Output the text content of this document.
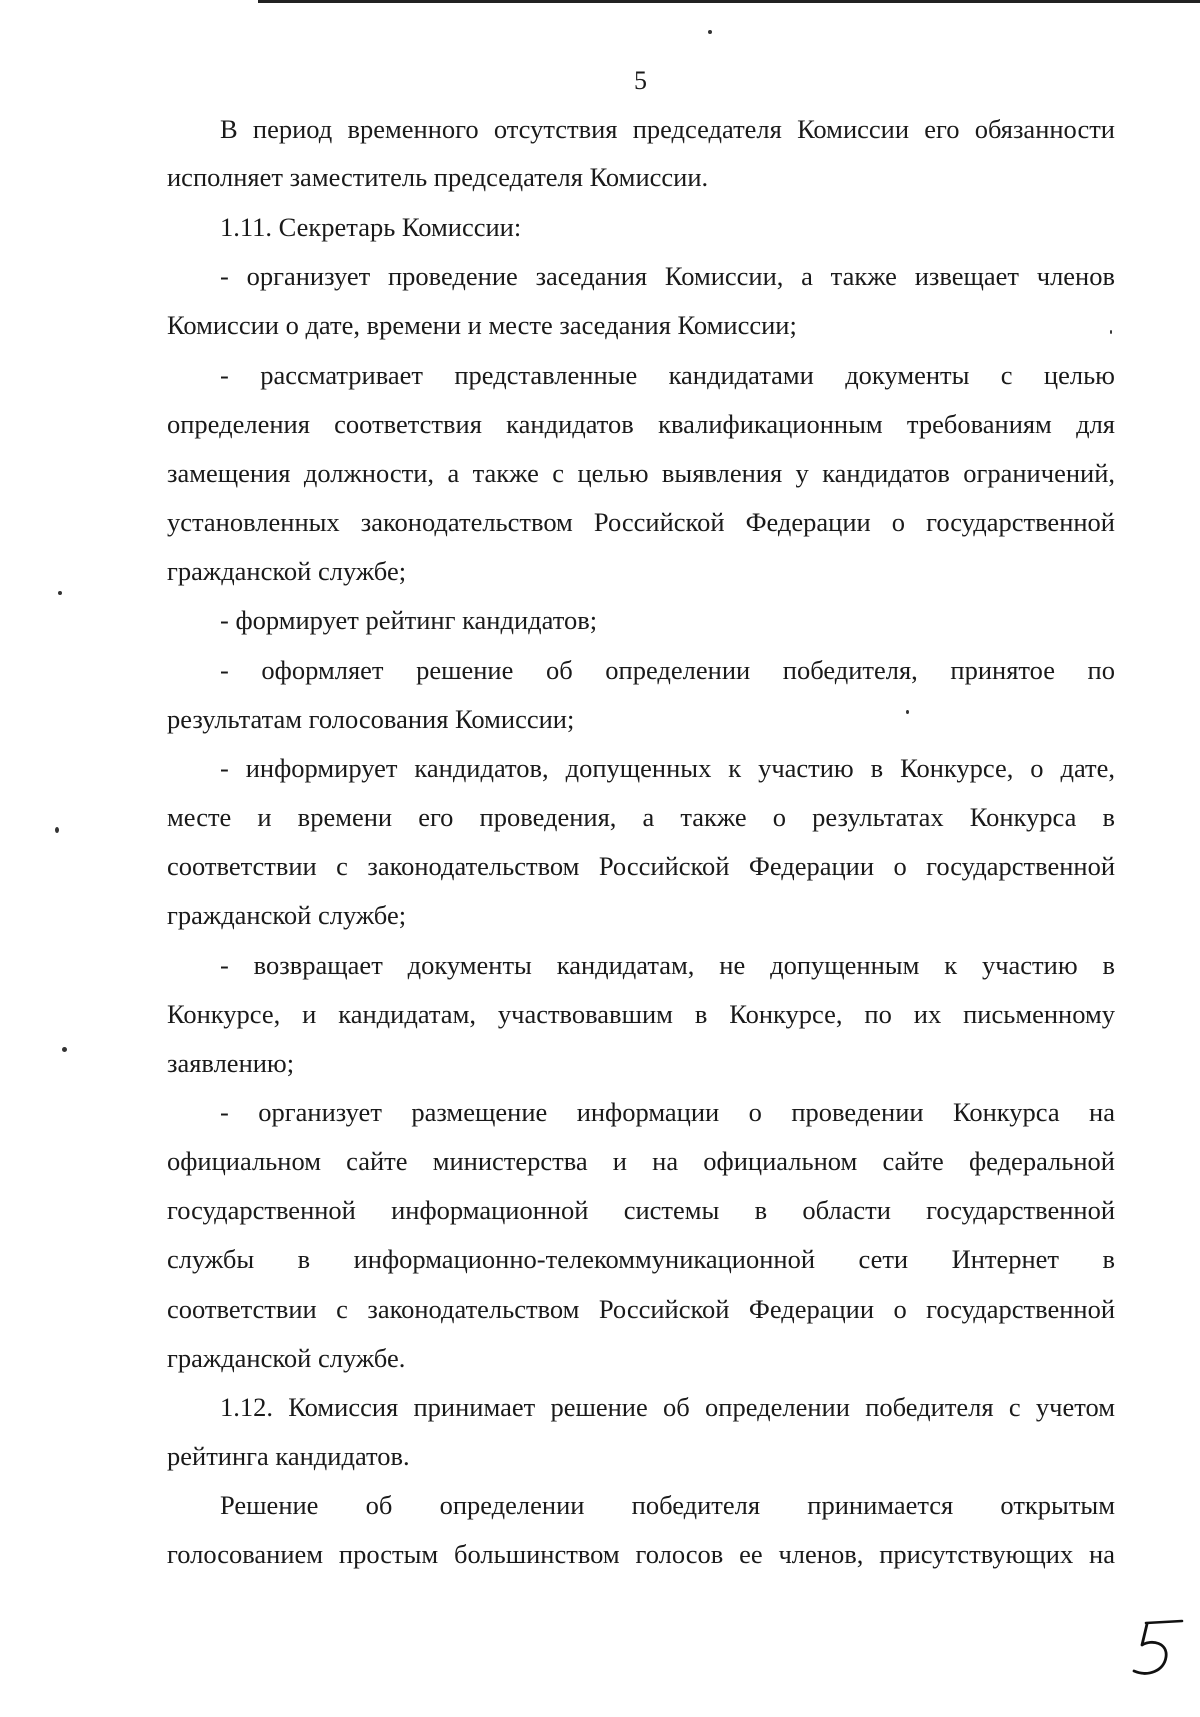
5
В период временного отсутствия председателя Комиссии его обязанности
исполняет заместитель председателя Комиссии.
1.11. Секретарь Комиссии:
- организует проведение заседания Комиссии, а также извещает членов
Комиссии о дате, времени и месте заседания Комиссии;
- рассматривает представленные кандидатами документы с целью
определения соответствия кандидатов квалификационным требованиям для
замещения должности, а также с целью выявления у кандидатов ограничений,
установленных законодательством Российской Федерации о государственной
гражданской службе;
- формирует рейтинг кандидатов;
- оформляет решение об определении победителя, принятое по
результатам голосования Комиссии;
- информирует кандидатов, допущенных к участию в Конкурсе, о дате,
месте и времени его проведения, а также о результатах Конкурса в
соответствии с законодательством Российской Федерации о государственной
гражданской службе;
- возвращает документы кандидатам, не допущенным к участию в
Конкурсе, и кандидатам, участвовавшим в Конкурсе, по их письменному
заявлению;
- организует размещение информации о проведении Конкурса на
официальном сайте министерства и на официальном сайте федеральной
государственной информационной системы в области государственной
службы в информационно-телекоммуникационной сети Интернет в
соответствии с законодательством Российской Федерации о государственной
гражданской службе.
1.12. Комиссия принимает решение об определении победителя с учетом
рейтинга кандидатов.
Решение об определении победителя принимается открытым
голосованием простым большинством голосов ее членов, присутствующих на
